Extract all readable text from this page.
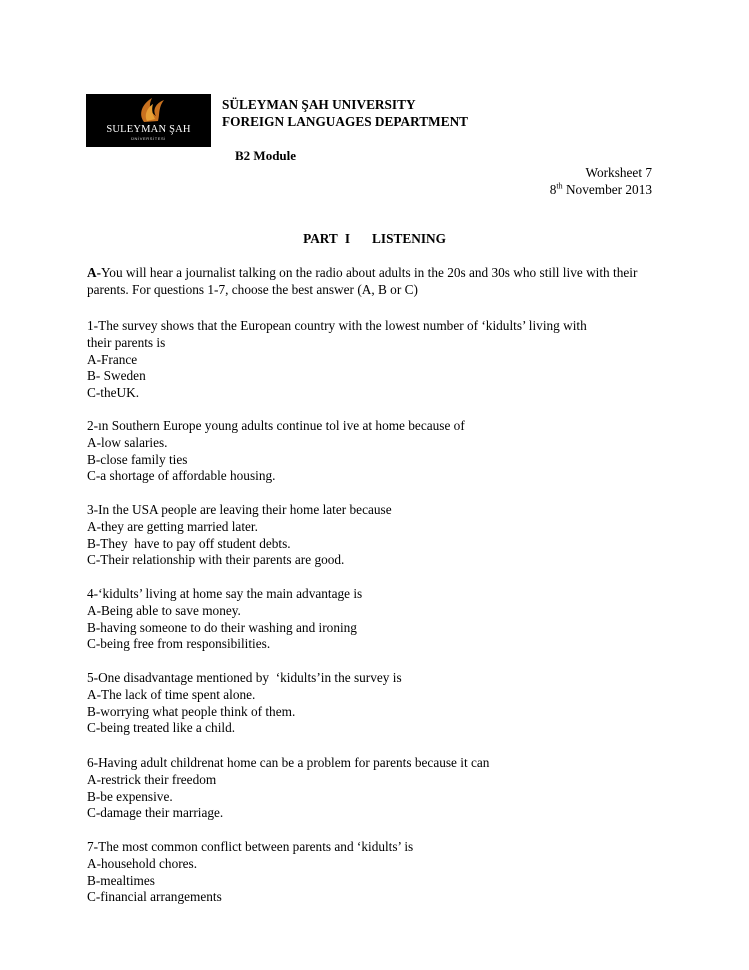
SULEYMAN ŞAH
ÜNİVERSİTESİ
SÜLEYMAN ŞAH UNIVERSITY
FOREIGN LANGUAGES DEPARTMENT
B2 Module
Worksheet 7
8th November 2013
PART I   LISTENING
A-You will hear a journalist talking on the radio about adults in the 20s and 30s who still live with their parents. For questions 1-7, choose the best answer (A, B or C)
1-The survey shows that the European country with the lowest number of ‘kidults’ living with
their parents is
A-France
B- Sweden
C-theUK.
2-ın Southern Europe young adults continue tol ive at home because of
A-low salaries.
B-close family ties
C-a shortage of affordable housing.
3-In the USA people are leaving their home later because
A-they are getting married later.
B-They  have to pay off student debts.
C-Their relationship with their parents are good.
4-‘kidults’ living at home say the main advantage is
A-Being able to save money.
B-having someone to do their washing and ironing
C-being free from responsibilities.
5-One disadvantage mentioned by  ‘kidults’in the survey is
A-The lack of time spent alone.
B-worrying what people think of them.
C-being treated like a child.
6-Having adult childrenat home can be a problem for parents because it can
A-restrick their freedom
B-be expensive.
C-damage their marriage.
7-The most common conflict between parents and ‘kidults’ is
A-household chores.
B-mealtimes
C-financial arrangements
